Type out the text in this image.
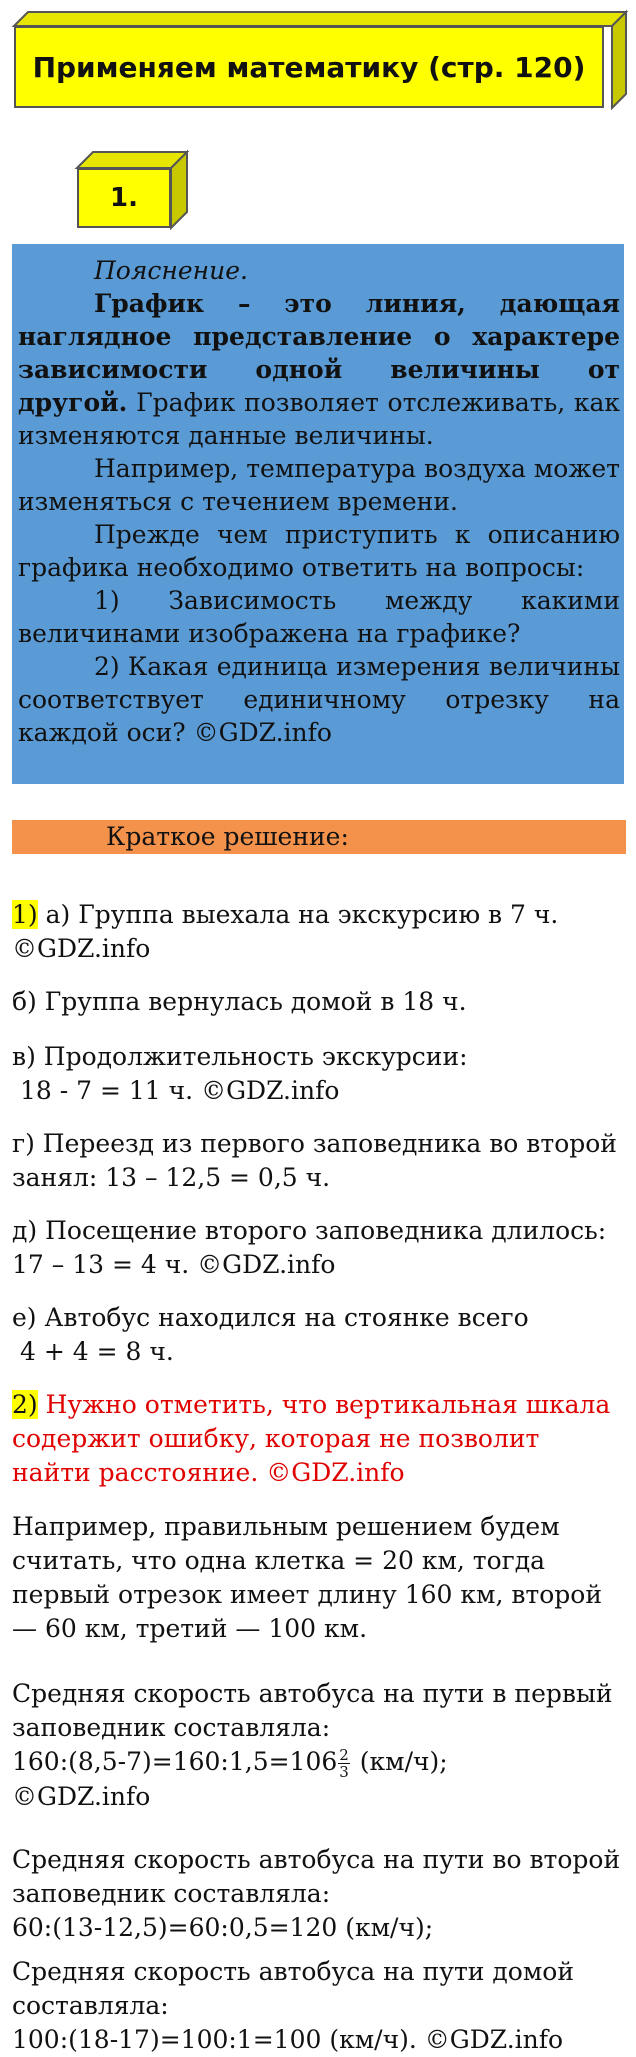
Применяем математику (стр. 120)
1.

Пояснение.

График – это линия, дающая наглядное представление о характере зависимости одной величины от другой. График позволяет отслеживать, как изменяются данные величины.

Например, температура воздуха может изменяться с течением времени.

Прежде чем приступить к описанию графика необходимо ответить на вопросы:

1) Зависимость между какими величинами изображена на графике?

2) Какая единица измерения величины соответствует единичному отрезку на каждой оси? ©GDZ.info

Краткое решение:
1) а) Группа выехала на экскурсию в 7 ч. ©GDZ.info
б) Группа вернулась домой в 18 ч.
в) Продолжительность экскурсии:
18 - 7 = 11 ч. ©GDZ.info
г) Переезд из первого заповедника во второй занял: 13 – 12,5 = 0,5 ч.
д) Посещение второго заповедника длилось: 17 – 13 = 4 ч. ©GDZ.info
е) Автобус находился на стоянке всего
4 + 4 = 8 ч.
2) Нужно отметить, что вертикальная шкала содержит ошибку, которая не позволит найти расстояние. ©GDZ.info
Например, правильным решением будем считать, что одна клетка = 20 км, тогда первый отрезок имеет длину 160 км, второй — 60 км, третий — 100 км.
Средняя скорость автобуса на пути в первый заповедник составляла:
160:(8,5-7)=160:1,5=106 $\frac{2}{3} (км/ч)$;
©GDZ.info
Средняя скорость автобуса на пути во второй заповедник составляла:
60:(13-12,5)=60:0,5=120 (км/ч);
Средняя скорость автобуса на пути домой составляла:
100:(18-17)=100:1=100 (км/ч). ©GDZ.info
